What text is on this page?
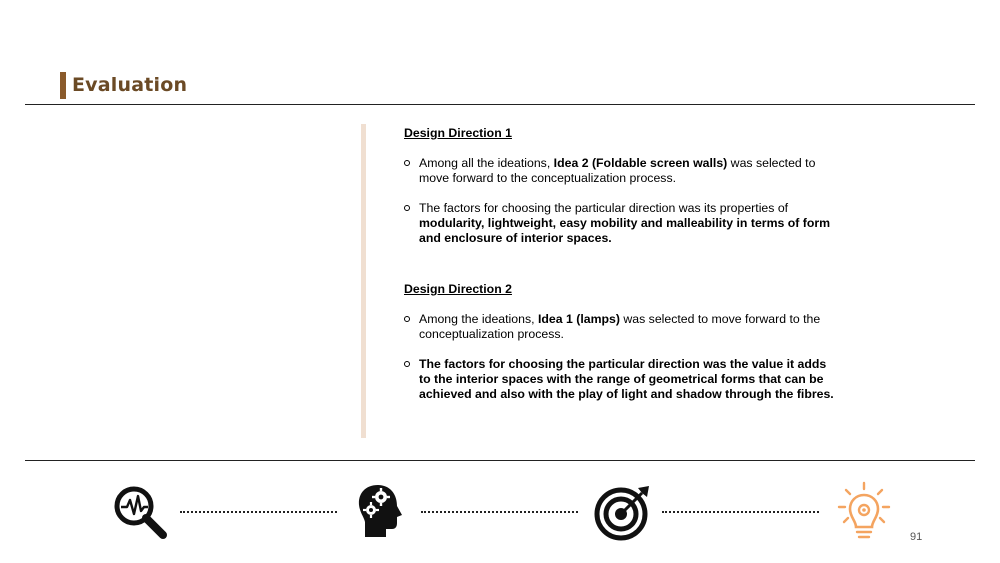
Evaluation

Design Direction 1

Among all the ideations, Idea 2 (Foldable screen walls) was selected to move forward to the conceptualization process.

The factors for choosing the particular direction was its properties of modularity, lightweight, easy mobility and malleability in terms of form and enclosure of interior spaces.

Design Direction 2

Among the ideations, Idea 1 (lamps) was selected to move forward to the conceptualization process.

The factors for choosing the particular direction was the value it adds to the interior spaces with the range of geometrical forms that can be achieved and also with the play of light and shadow through the fibres.

91
